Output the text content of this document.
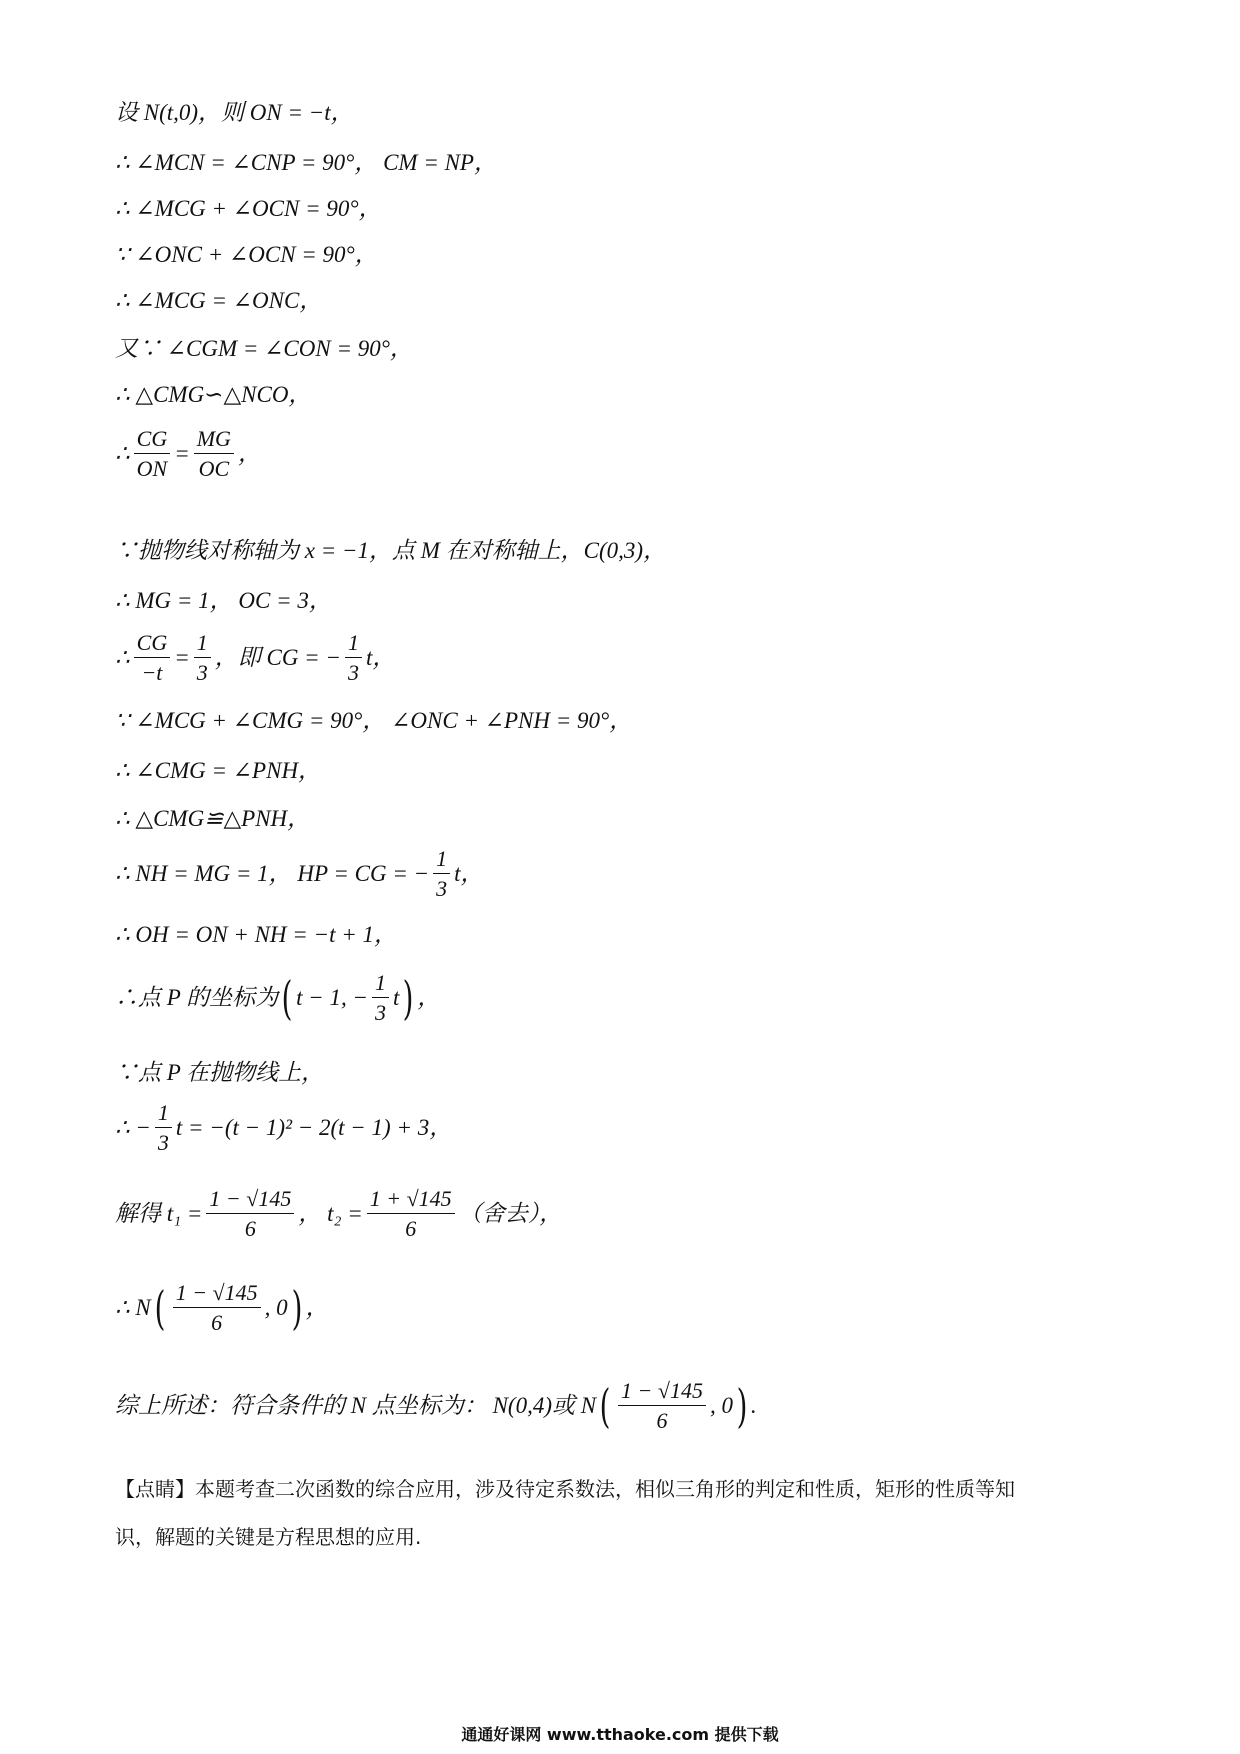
设 N(t,0)，则 ON = −t，
∴ ∠MCN = ∠CNP = 90°， CM = NP，
∴ ∠MCG + ∠OCN = 90°，
∵ ∠ONC + ∠OCN = 90°，
∴ ∠MCG = ∠ONC，
又∵ ∠CGM = ∠CON = 90°，
∴ △CMG∽△NCO，
∴ $\frac{CG}{ON} = \frac{MG}{OC}$ ，
∵抛物线对称轴为 x = −1，点 M 在对称轴上，C(0,3)，
∴ MG = 1， OC = 3，
∴ $\frac{CG}{-t} = \frac{1}{3}$ ，即 CG = − $\frac{1}{3}$ t，
∵ ∠MCG + ∠CMG = 90°， ∠ONC + ∠PNH = 90°，
∴ ∠CMG = ∠PNH，
∴ △CMG≌△PNH，
∴ NH = MG = 1， HP = CG = − $\frac{1}{3}$ t，
∴ OH = ON + NH = −t + 1，
∴点 P 的坐标为 ( t − 1, − $\frac{1}{3}$ t ) ，
∵点 P 在抛物线上，
∴ − $\frac{1}{3}$ t = −(t − 1)² − 2(t − 1) + 3，
解得 $t_1 = \frac{1 - √145}{6}$ ， $t_2 = \frac{1 + √145}{6}$ （舍去），
∴ N ( $\frac{1 - √145}{6}$ , 0 ) ，
综上所述：符合条件的 N 点坐标为： N(0,4)或 N ( $\frac{1 - √145}{6}$ , 0 ) .
【点睛】本题考查二次函数的综合应用，涉及待定系数法，相似三角形的判定和性质，矩形的性质等知
识，解题的关键是方程思想的应用.
通通好课网 www.tthaoke.com 提供下载
